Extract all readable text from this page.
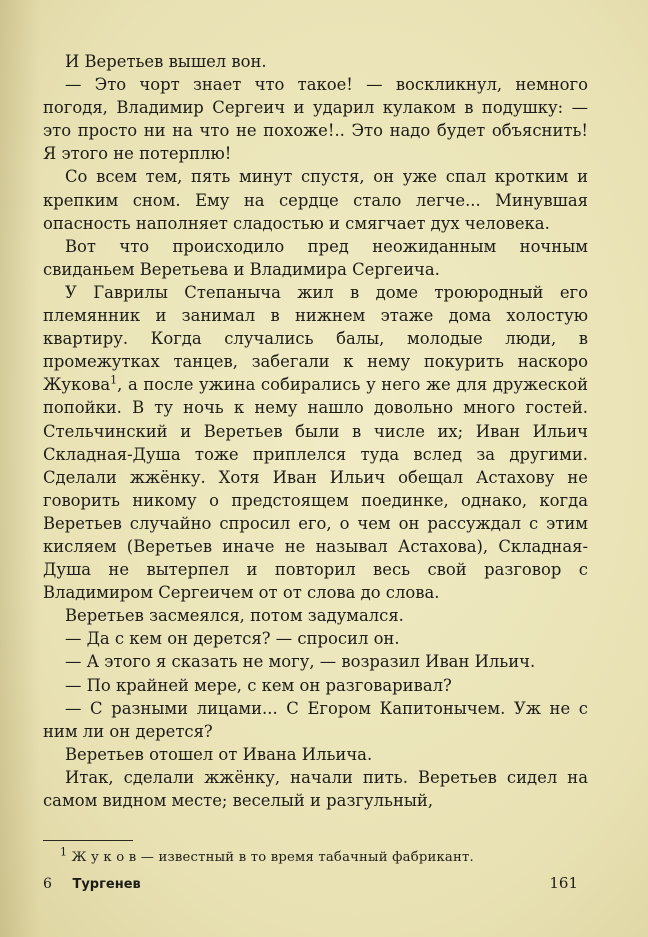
И Веретьев вышел вон.

— Это чорт знает что такое! — воскликнул, немного погодя, Владимир Сергеич и ударил кулаком в подушку: — это просто ни на что не похоже!.. Это надо будет объяснить! Я этого не потерплю!

Со всем тем, пять минут спустя, он уже спал кротким и крепким сном. Ему на сердце стало легче... Минувшая опасность наполняет сладостью и смягчает дух человека.

Вот что происходило пред неожиданным ночным свиданьем Веретьева и Владимира Сергеича.

У Гаврилы Степаныча жил в доме троюродный его племянник и занимал в нижнем этаже дома холостую квартиру. Когда случались балы, молодые люди, в промежутках танцев, забегали к нему покурить наскоро Жукова$^1$, а после ужина собирались у него же для дружеской попойки. В ту ночь к нему нашло довольно много гостей. Стельчинский и Веретьев были в числе их; Иван Ильич Складная-Душа тоже приплелся туда вслед за другими. Сделали жжёнку. Хотя Иван Ильич обещал Астахову не говорить никому о предстоящем поединке, однако, когда Веретьев случайно спросил его, о чем он рассуждал с этим кисляем (Веретьев иначе не называл Астахова), Складная-Душа не вытерпел и повторил весь свой разговор с Владимиром Сергеичем от от слова до слова.

Веретьев засмеялся, потом задумался.

— Да с кем он дерется? — спросил он.

— А этого я сказать не могу, — возразил Иван Ильич.

— По крайней мере, с кем он разговаривал?

— С разными лицами... С Егором Капитонычем. Уж не с ним ли он дерется?

Веретьев отошел от Ивана Ильича.

Итак, сделали жжёнку, начали пить. Веретьев сидел на самом видном месте; веселый и разгульный,

$^1$ Ж у к о в — известный в то время табачный фабрикант.
6 Тургенев	161
